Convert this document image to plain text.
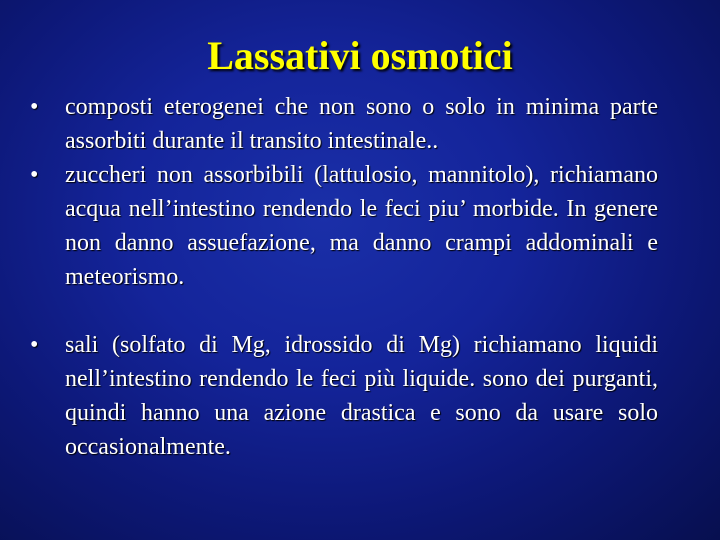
Lassativi osmotici
•	composti eterogenei che non sono o solo in minima parte assorbiti durante il transito intestinale..
•	zuccheri non assorbibili (lattulosio, mannitolo), richiamano acqua nell’intestino rendendo le feci piu’ morbide. In genere non danno assuefazione, ma danno crampi addominali e meteorismo.
•	sali (solfato di Mg, idrossido di Mg) richiamano liquidi nell’intestino rendendo le feci più liquide. sono dei purganti, quindi hanno una azione drastica e sono da usare solo occasionalmente.
